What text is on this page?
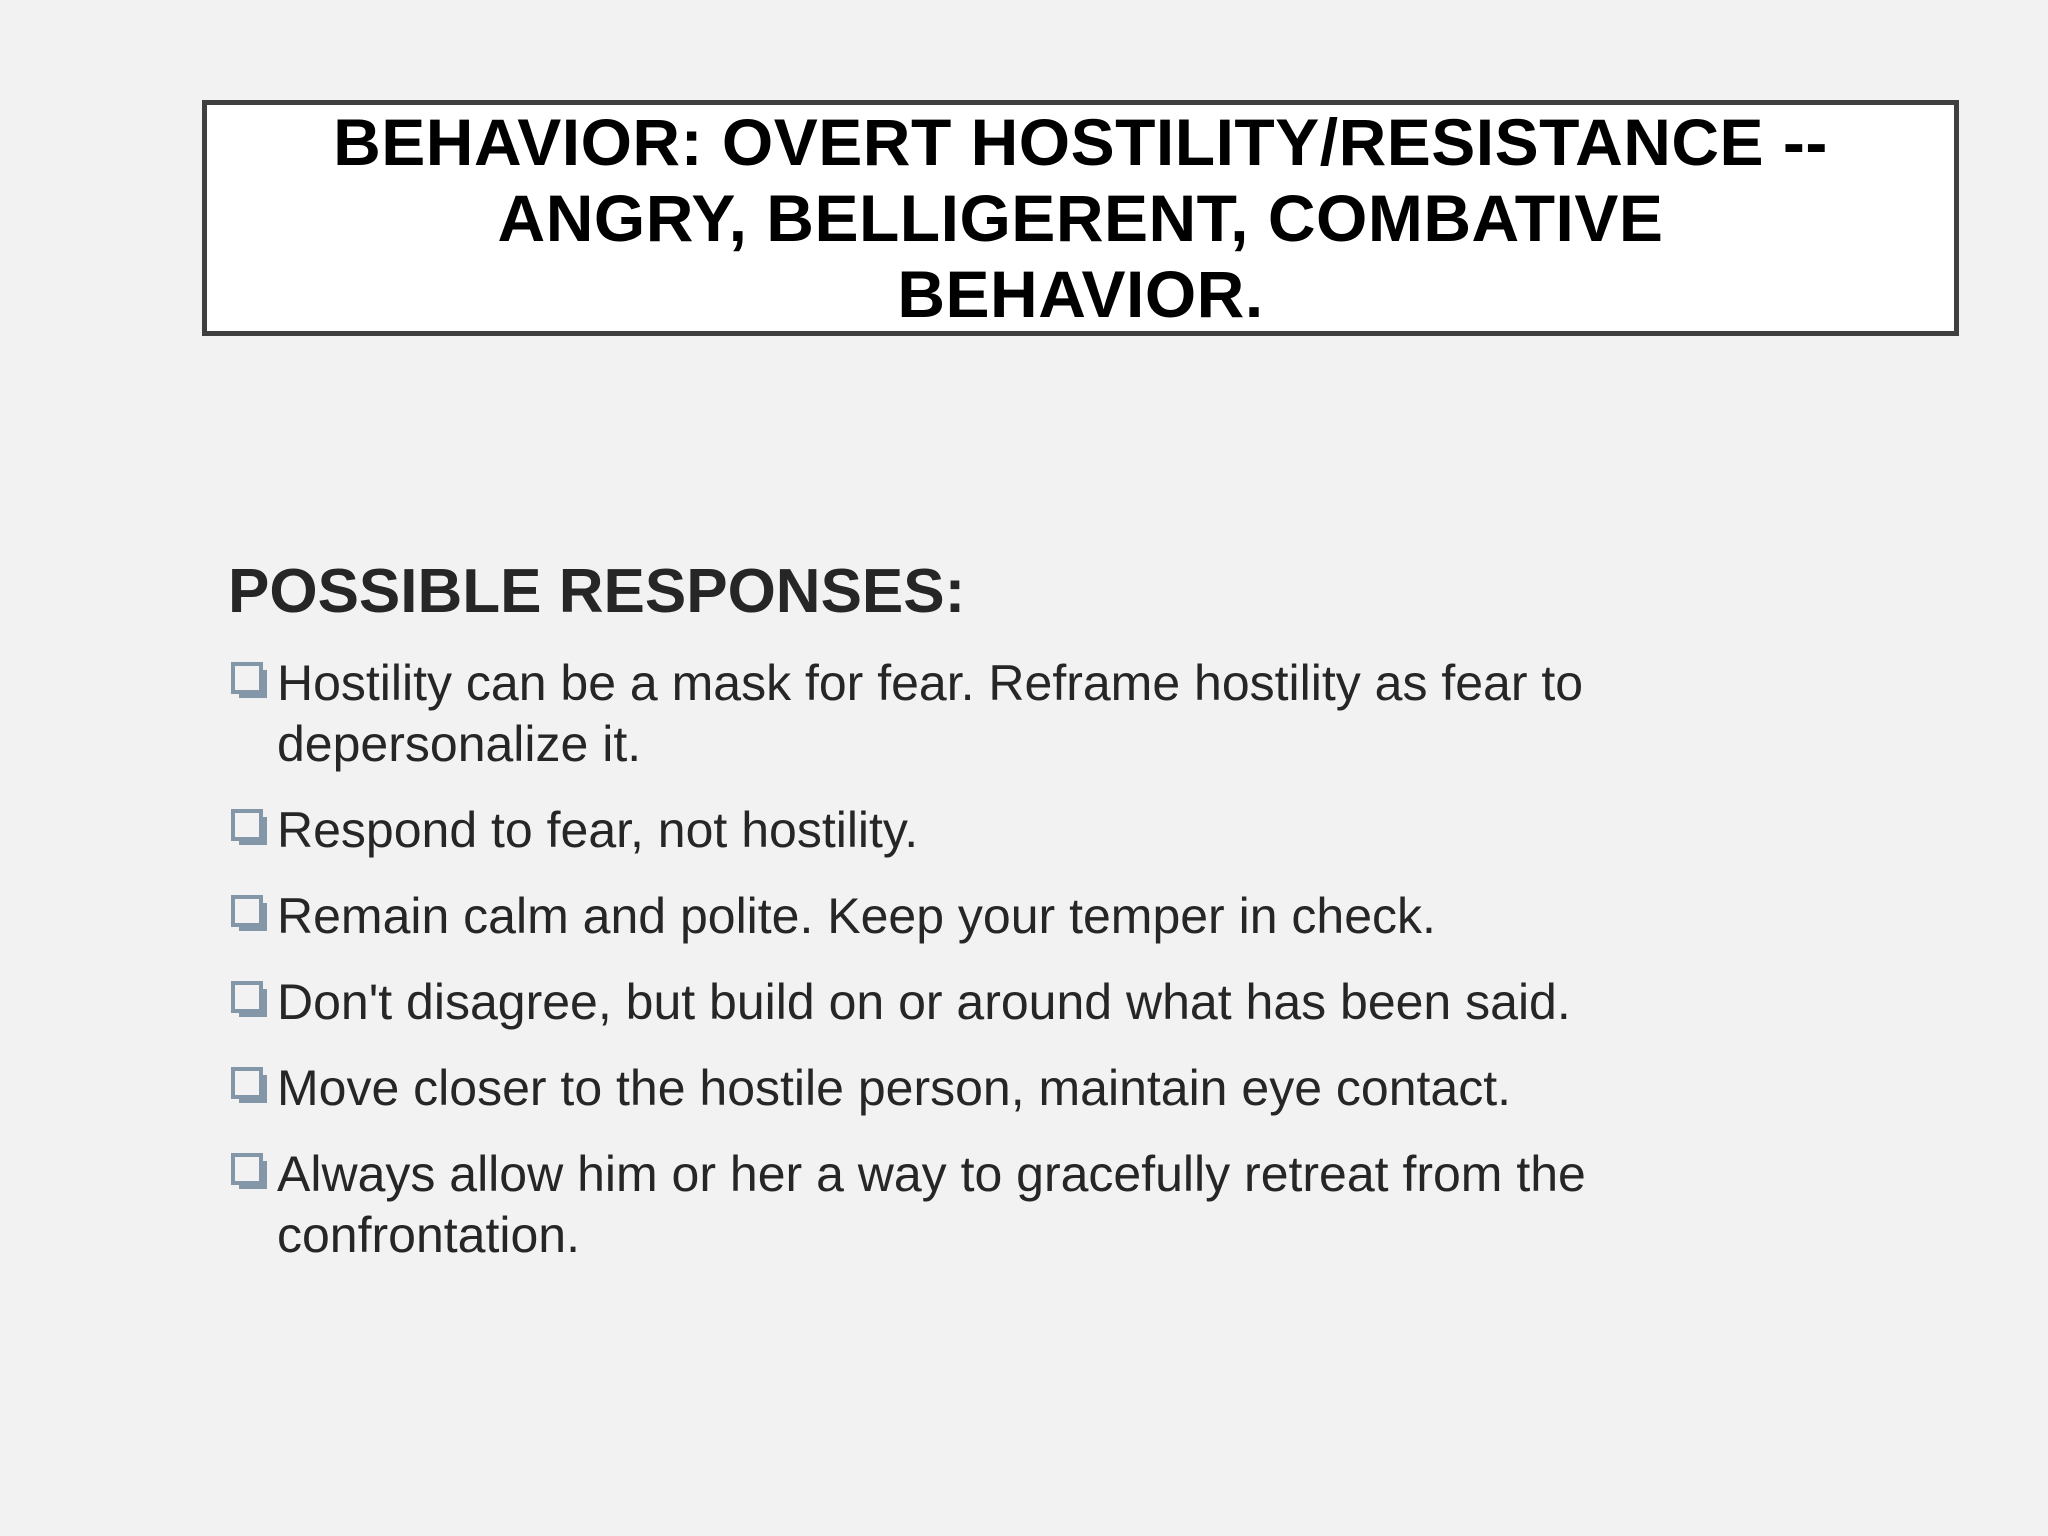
BEHAVIOR: OVERT HOSTILITY/RESISTANCE --
ANGRY, BELLIGERENT, COMBATIVE
BEHAVIOR.
POSSIBLE RESPONSES:
Hostility can be a mask for fear. Reframe hostility as fear to depersonalize it.
Respond to fear, not hostility.
Remain calm and polite. Keep your temper in check.
Don't disagree, but build on or around what has been said.
Move closer to the hostile person, maintain eye contact.
Always allow him or her a way to gracefully retreat from the confrontation.
